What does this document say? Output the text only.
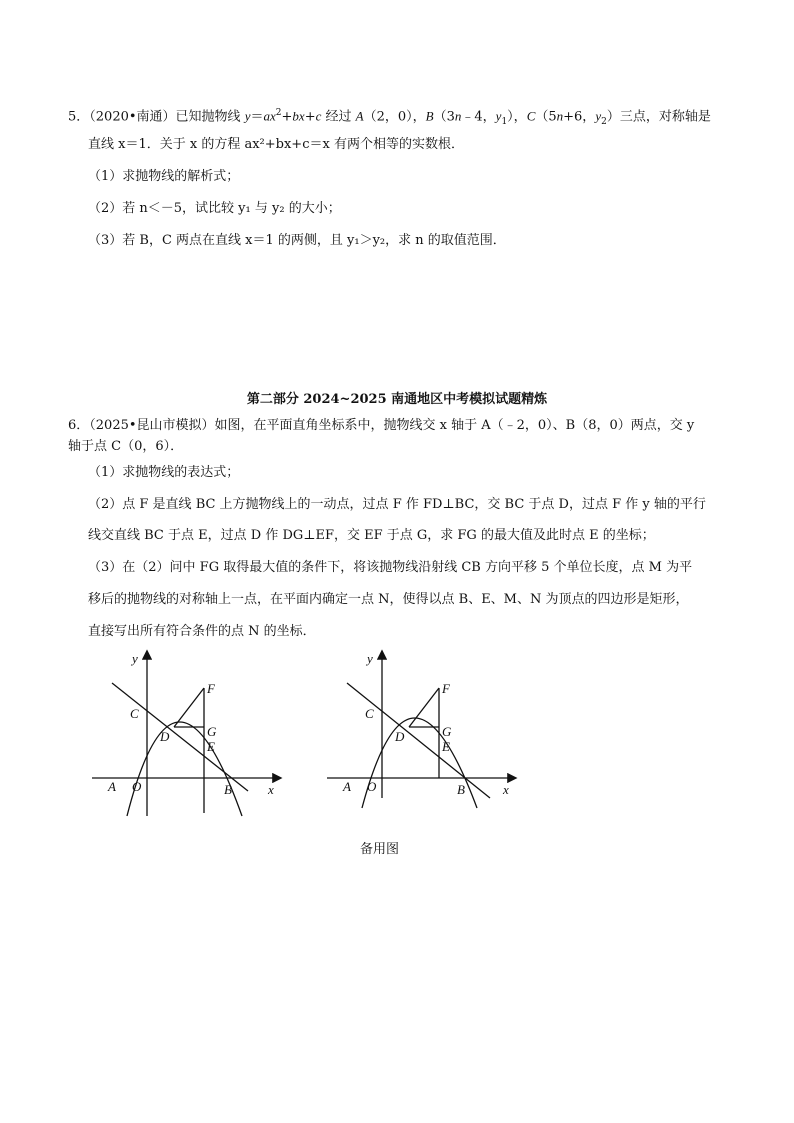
5．（2020•南通）已知抛物线 $y=ax^2+bx+c$ 经过 A（2，0），B（3n﹣4，$y_1$），C（5n+6，$y_2$）三点，对称轴是
直线 x＝1．关于 x 的方程 ax²+bx+c＝x 有两个相等的实数根．
（1）求抛物线的解析式；
（2）若 n＜－5，试比较 y₁ 与 y₂ 的大小；
（3）若 B，C 两点在直线 x＝1 的两侧，且 y₁＞y₂，求 n 的取值范围．
第二部分 2024~2025 南通地区中考模拟试题精炼
6．（2025•昆山市模拟）如图，在平面直角坐标系中，抛物线交 x 轴于 A（﹣2，0）、B（8，0）两点，交 y
轴于点 C（0，6）．
（1）求抛物线的表达式；
（2）点 F 是直线 BC 上方抛物线上的一动点，过点 F 作 FD⊥BC，交 BC 于点 D，过点 F 作 y 轴的平行
线交直线 BC 于点 E，过点 D 作 DG⊥EF，交 EF 于点 G，求 FG 的最大值及此时点 E 的坐标；
（3）在（2）问中 FG 取得最大值的条件下，将该抛物线沿射线 CB 方向平移 5 个单位长度，点 M 为平
移后的抛物线的对称轴上一点，在平面内确定一点 N，使得以点 B、E、M、N 为顶点的四边形是矩形，
直接写出所有符合条件的点 N 的坐标．
y
x
A O	B
C
D
E
F
G
y
x
A O	B
C
D
E
F
G
备用图
